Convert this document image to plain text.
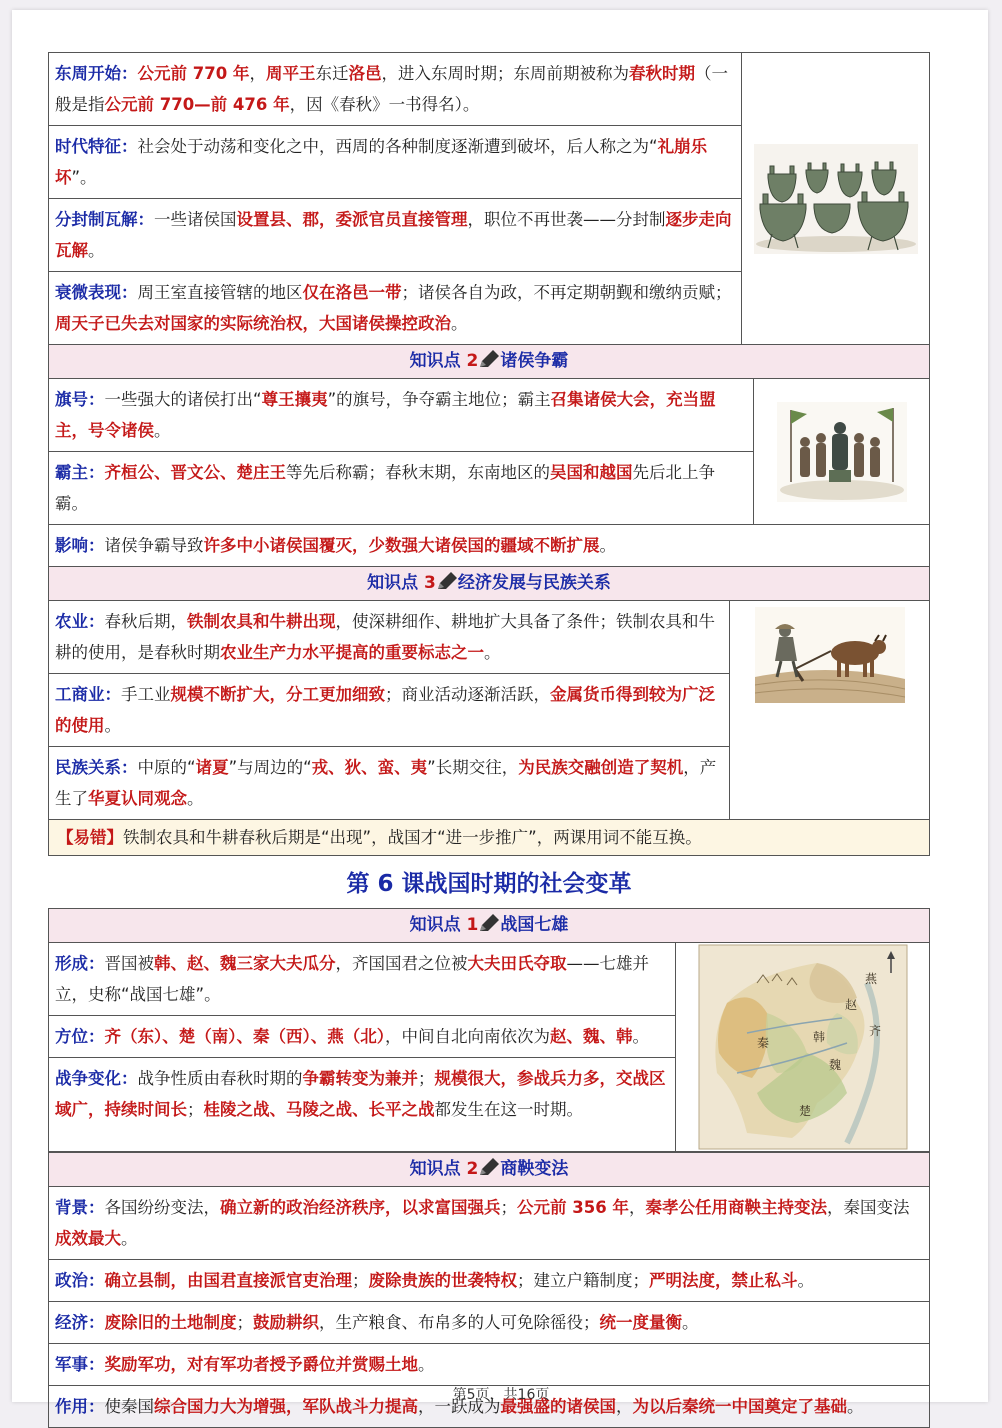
东周开始：公元前 770 年，周平王东迁洛邑，进入东周时期；东周前期被称为春秋时期（一般是指公元前 770—前 476 年，因《春秋》一书得名）。
时代特征：社会处于动荡和变化之中，西周的各种制度逐渐遭到破坏，后人称之为“礼崩乐坏”。
分封制瓦解：一些诸侯国设置县、郡，委派官员直接管理，职位不再世袭——分封制逐步走向瓦解。
衰微表现：周王室直接管辖的地区仅在洛邑一带；诸侯各自为政，不再定期朝觐和缴纳贡赋；周天子已失去对国家的实际统治权，大国诸侯操控政治。
知识点 2 诸侯争霸
旗号：一些强大的诸侯打出“尊王攘夷”的旗号，争夺霸主地位；霸主召集诸侯大会，充当盟主，号令诸侯。
霸主：齐桓公、晋文公、楚庄王等先后称霸；春秋末期，东南地区的吴国和越国先后北上争霸。
影响：诸侯争霸导致许多中小诸侯国覆灭，少数强大诸侯国的疆域不断扩展。
知识点 3 经济发展与民族关系
农业：春秋后期，铁制农具和牛耕出现，使深耕细作、耕地扩大具备了条件；铁制农具和牛耕的使用，是春秋时期农业生产力水平提高的重要标志之一。
工商业：手工业规模不断扩大，分工更加细致；商业活动逐渐活跃，金属货币得到较为广泛的使用。
民族关系：中原的“诸夏”与周边的“戎、狄、蛮、夷”长期交往，为民族交融创造了契机，产生了华夏认同观念。
【易错】铁制农具和牛耕春秋后期是“出现”，战国才“进一步推广”，两课用词不能互换。
第 6 课战国时期的社会变革
知识点 1 战国七雄
形成：晋国被韩、赵、魏三家大夫瓜分，齐国国君之位被大夫田氏夺取——七雄并立，史称“战国七雄”。
方位：齐（东）、楚（南）、秦（西）、燕（北），中间自北向南依次为赵、魏、韩。
战争变化：战争性质由春秋时期的争霸转变为兼并；规模很大，参战兵力多，交战区域广，持续时间长；桂陵之战、马陵之战、长平之战都发生在这一时期。
燕
赵
齐
秦	韩
魏
楚
知识点 2 商鞅变法
背景：各国纷纷变法，确立新的政治经济秩序，以求富国强兵；公元前 356 年，秦孝公任用商鞅主持变法，秦国变法成效最大。
政治：确立县制，由国君直接派官吏治理；废除贵族的世袭特权；建立户籍制度；严明法度，禁止私斗。
经济：废除旧的土地制度；鼓励耕织，生产粮食、布帛多的人可免除徭役；统一度量衡。
军事：奖励军功，对有军功者授予爵位并赏赐土地。
作用：使秦国综合国力大为增强，军队战斗力提高，一跃成为最强盛的诸侯国，为以后秦统一中国奠定了基础。
第5页，共16页
